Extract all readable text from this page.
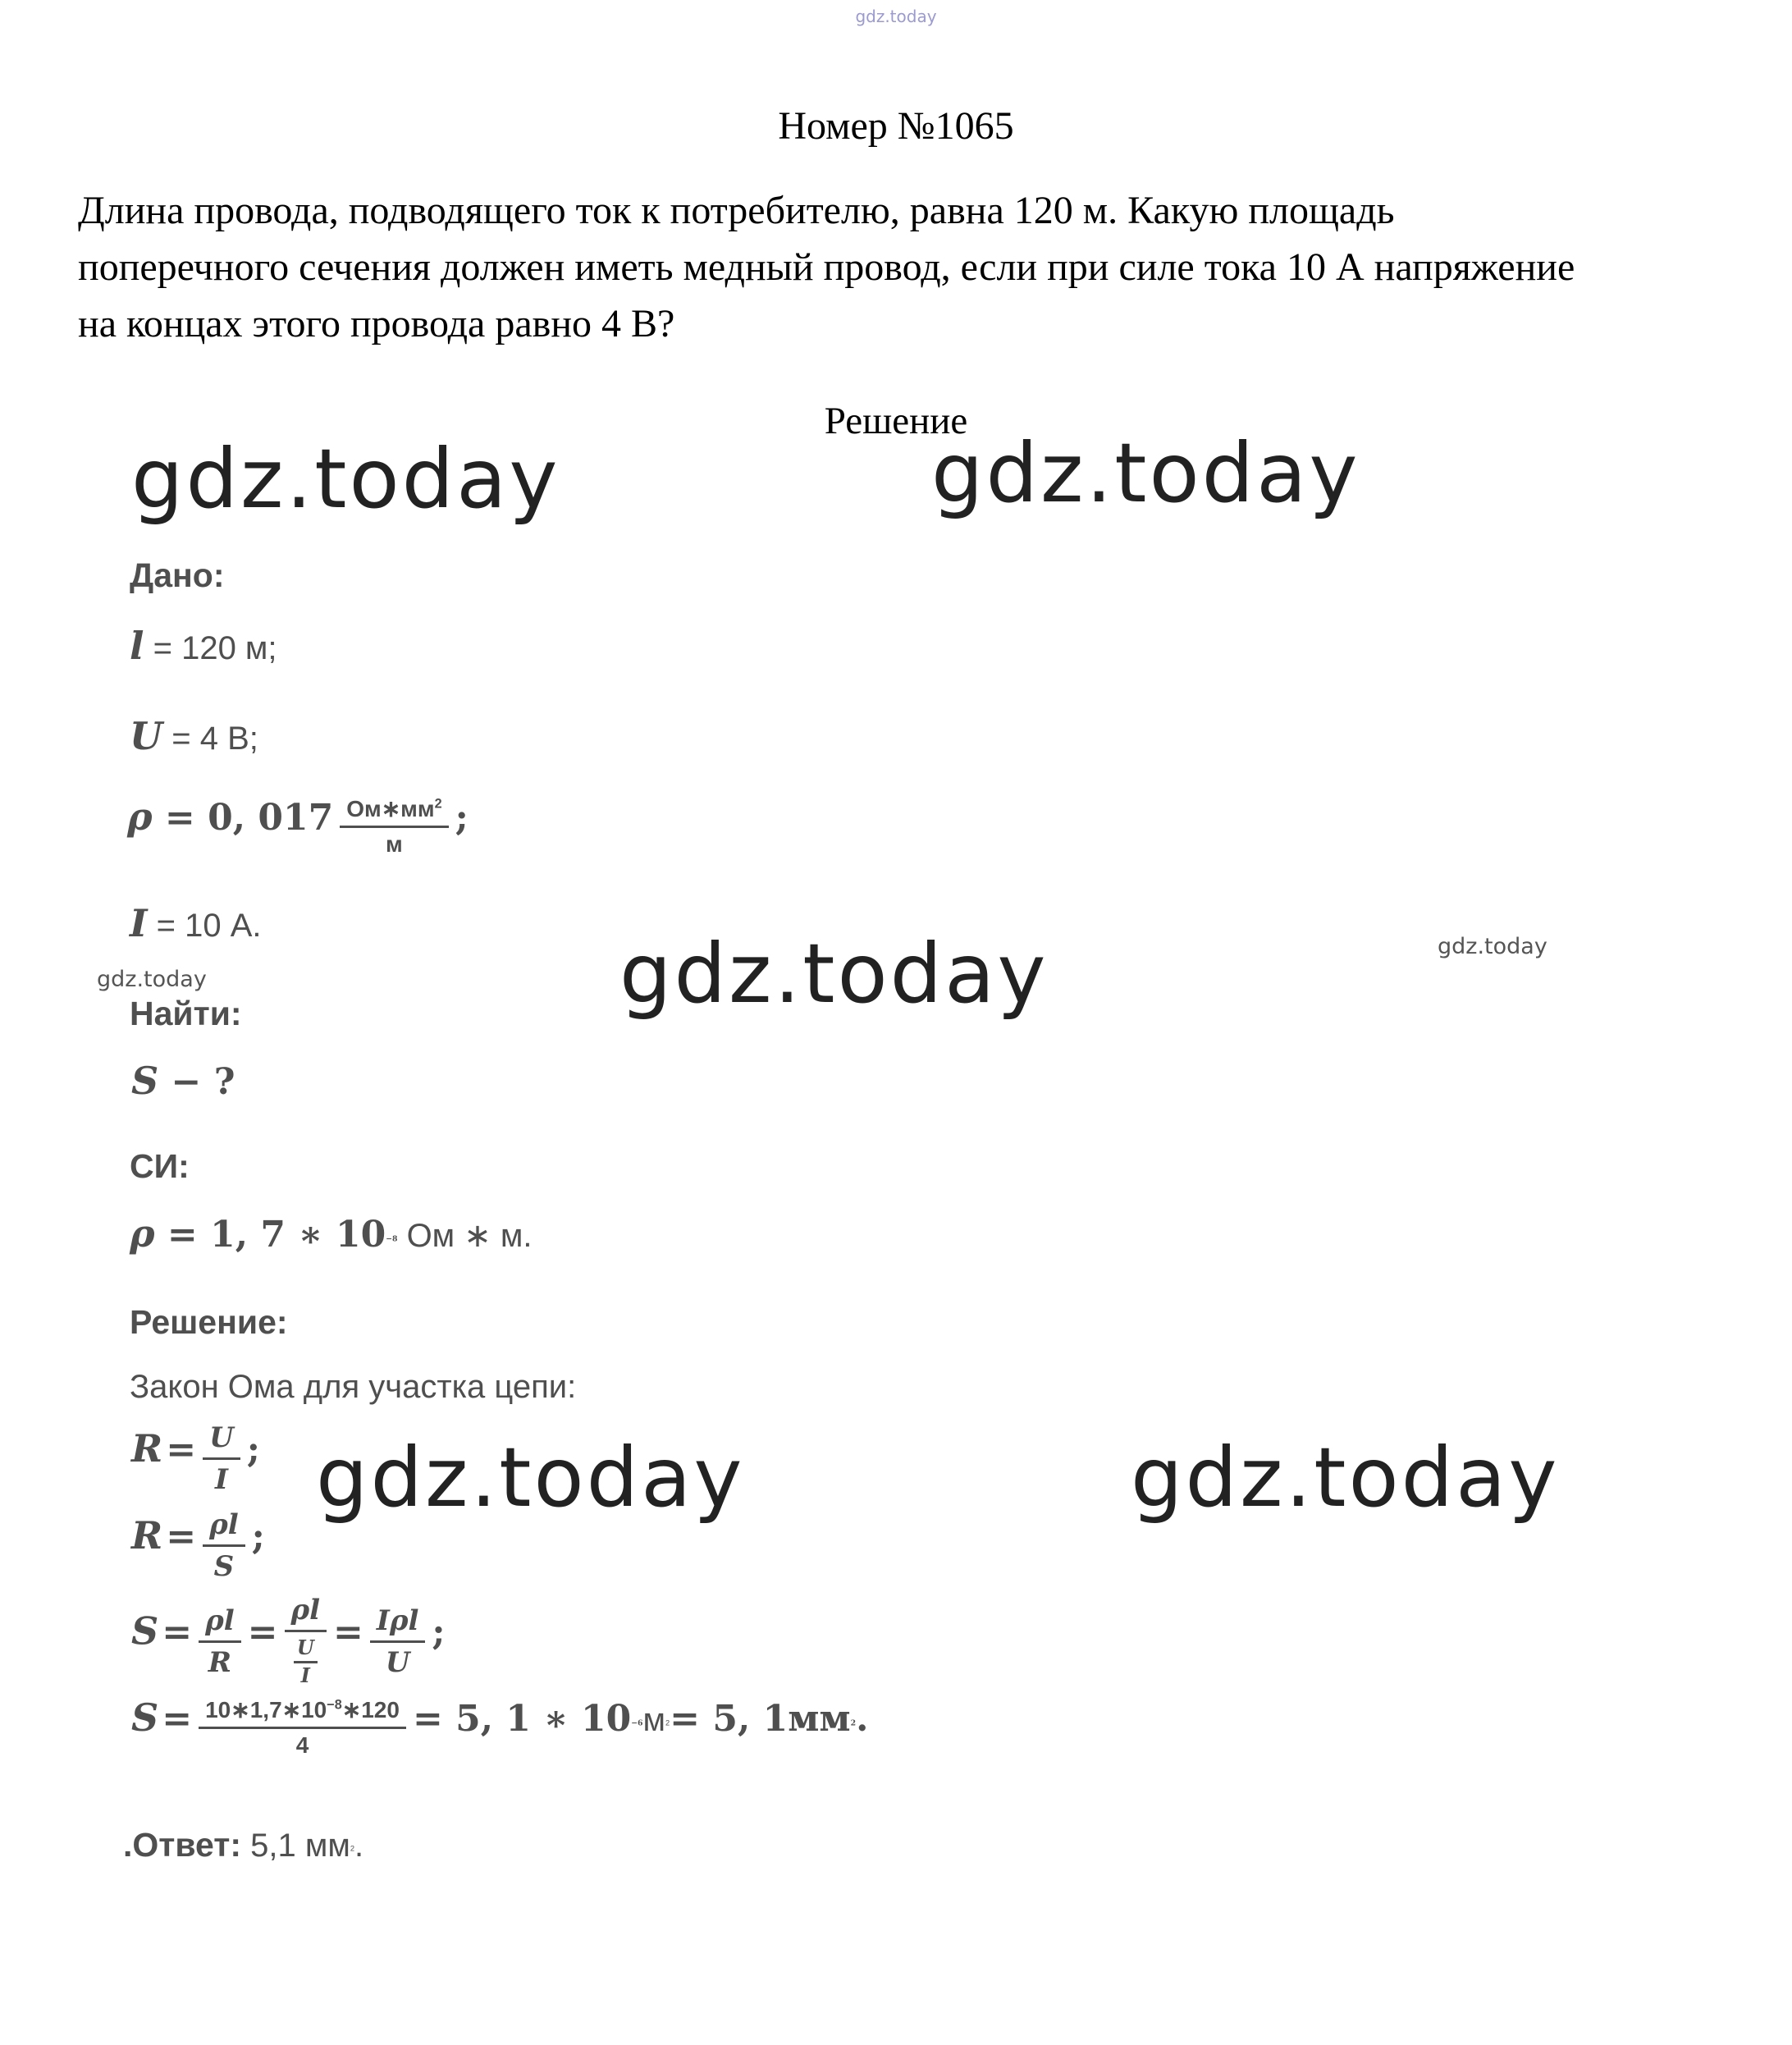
gdz.today
Номер №1065
Длина провода, подводящего ток к потребителю, равна 120 м. Какую площадь поперечного сечения должен иметь медный провод, если при силе тока 10 А напряжение на концах этого провода равно 4 В?
Решение
gdz.today	gdz.today
Дано:
l = 120 м;
U = 4 В;
ρ = 0, $017 \frac{Ом∗мм^2}{м}$ ;
I = 10 А.
gdz.today	gdz.today	gdz.today
Найти:
S − ?
СИ:
ρ = 1, 7 ∗ $10^{-8}$ Ом ∗ м.
Решение:
Закон Ома для участка цепи:
$R = \frac{U}{I}$ ; gdz.today	gdz.today
$R = \frac{\rho l}{S}$ ;
$S = \frac{\rho l}{R} = \frac{\rho l}{\frac{U}{I}} = \frac{\text{Iρl}}{U}$ ;
$S = \frac{10∗1,7∗10^{-8}∗120}{4} = 5$, 1 ∗ $10^{-6}м^2= 5$, $1мм^2$.
.Ответ: 5,1 $мм^2$.
